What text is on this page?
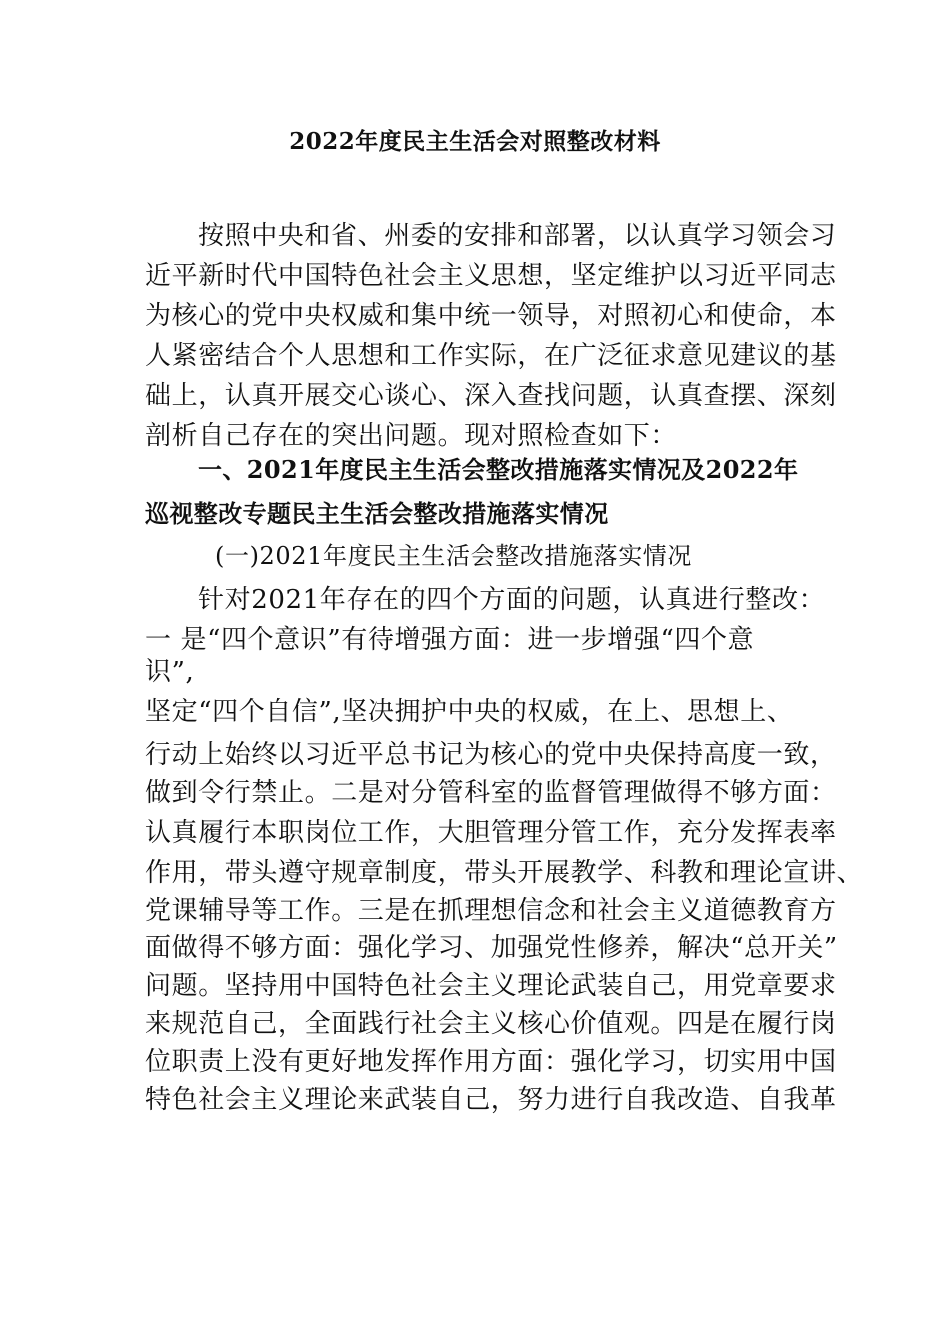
2022年度民主生活会对照整改材料
按照中央和省、州委的安排和部署，以认真学习领会习
近平新时代中国特色社会主义思想，坚定维护以习近平同志
为核心的党中央权威和集中统一领导，对照初心和使命，本
人紧密结合个人思想和工作实际，在广泛征求意见建议的基
础上，认真开展交心谈心、深入查找问题，认真查摆、深刻
剖析自己存在的突出问题。现对照检查如下：
一、2021年度民主生活会整改措施落实情况及2022年
巡视整改专题民主生活会整改措施落实情况
(一)2021年度民主生活会整改措施落实情况
针对2021年存在的四个方面的问题，认真进行整改：
一 是“四个意识”有待增强方面：进一步增强“四个意
识”,
坚定“四个自信”,坚决拥护中央的权威，在上、思想上、
行动上始终以习近平总书记为核心的党中央保持高度一致，
做到令行禁止。二是对分管科室的监督管理做得不够方面：
认真履行本职岗位工作，大胆管理分管工作，充分发挥表率
作用，带头遵守规章制度，带头开展教学、科教和理论宣讲、
党课辅导等工作。三是在抓理想信念和社会主义道德教育方
面做得不够方面：强化学习、加强党性修养，解决“总开关”
问题。坚持用中国特色社会主义理论武装自己，用党章要求
来规范自己，全面践行社会主义核心价值观。四是在履行岗
位职责上没有更好地发挥作用方面：强化学习，切实用中国
特色社会主义理论来武装自己，努力进行自我改造、自我革
